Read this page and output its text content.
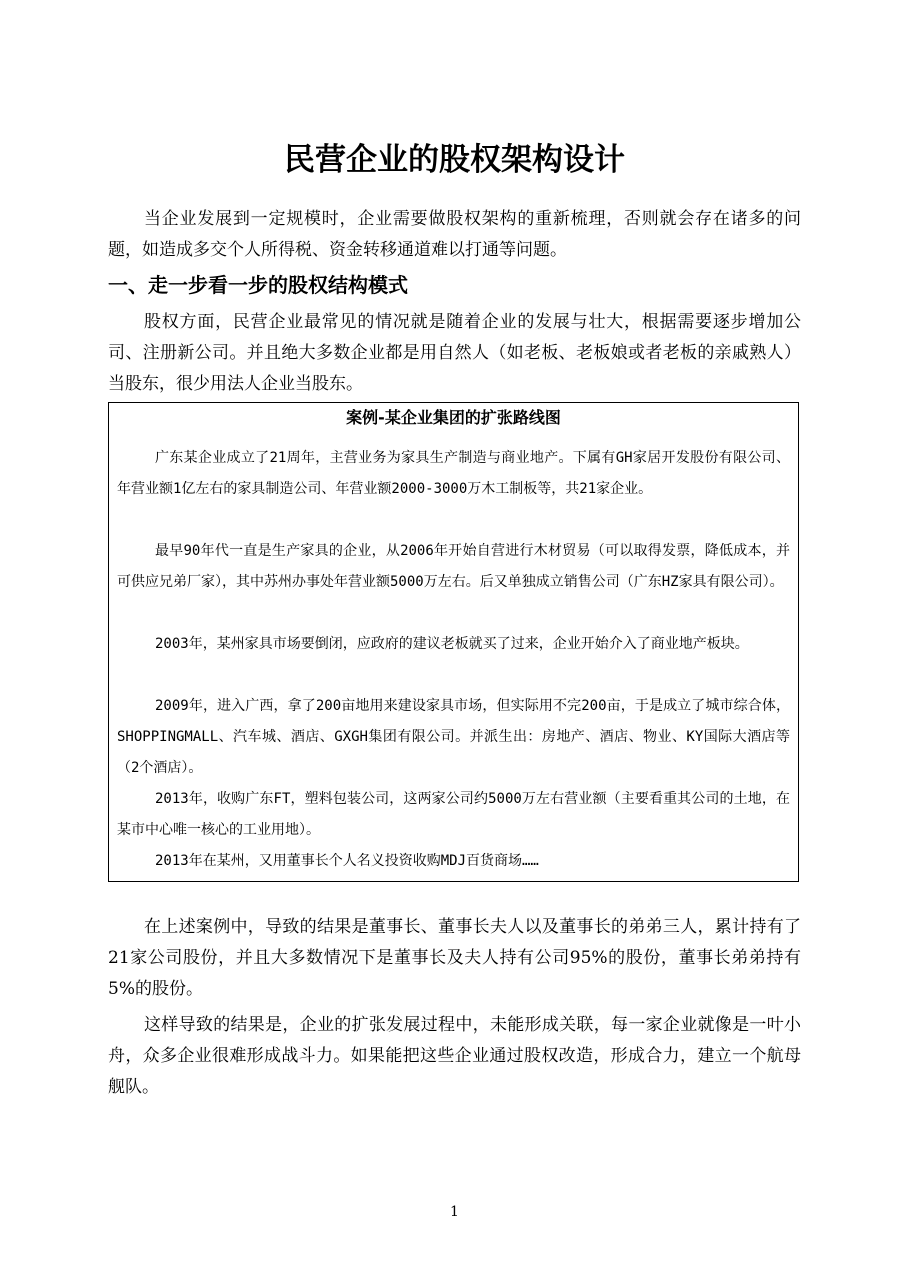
民营企业的股权架构设计

当企业发展到一定规模时，企业需要做股权架构的重新梳理，否则就会存在诸多的问题，如造成多交个人所得税、资金转移通道难以打通等问题。

一、走一步看一步的股权结构模式

股权方面，民营企业最常见的情况就是随着企业的发展与壮大，根据需要逐步增加公司、注册新公司。并且绝大多数企业都是用自然人（如老板、老板娘或者老板的亲戚熟人）当股东，很少用法人企业当股东。

案例-某企业集团的扩张路线图

广东某企业成立了21周年，主营业务为家具生产制造与商业地产。下属有GH家居开发股份有限公司、年营业额1亿左右的家具制造公司、年营业额2000-3000万木工制板等，共21家企业。

最早90年代一直是生产家具的企业，从2006年开始自营进行木材贸易（可以取得发票，降低成本，并可供应兄弟厂家），其中苏州办事处年营业额5000万左右。后又单独成立销售公司（广东HZ家具有限公司）。

2003年，某州家具市场要倒闭，应政府的建议老板就买了过来，企业开始介入了商业地产板块。

2009年，进入广西，拿了200亩地用来建设家具市场，但实际用不完200亩，于是成立了城市综合体，SHOPPINGMALL、汽车城、酒店、GXGH集团有限公司。并派生出：房地产、酒店、物业、KY国际大酒店等（2个酒店）。

2013年，收购广东FT，塑料包装公司，这两家公司约5000万左右营业额（主要看重其公司的土地，在某市中心唯一核心的工业用地）。

2013年在某州，又用董事长个人名义投资收购MDJ百货商场……

在上述案例中，导致的结果是董事长、董事长夫人以及董事长的弟弟三人，累计持有了21家公司股份，并且大多数情况下是董事长及夫人持有公司95%的股份，董事长弟弟持有5%的股份。

这样导致的结果是，企业的扩张发展过程中，未能形成关联，每一家企业就像是一叶小舟，众多企业很难形成战斗力。如果能把这些企业通过股权改造，形成合力，建立一个航母舰队。

1
